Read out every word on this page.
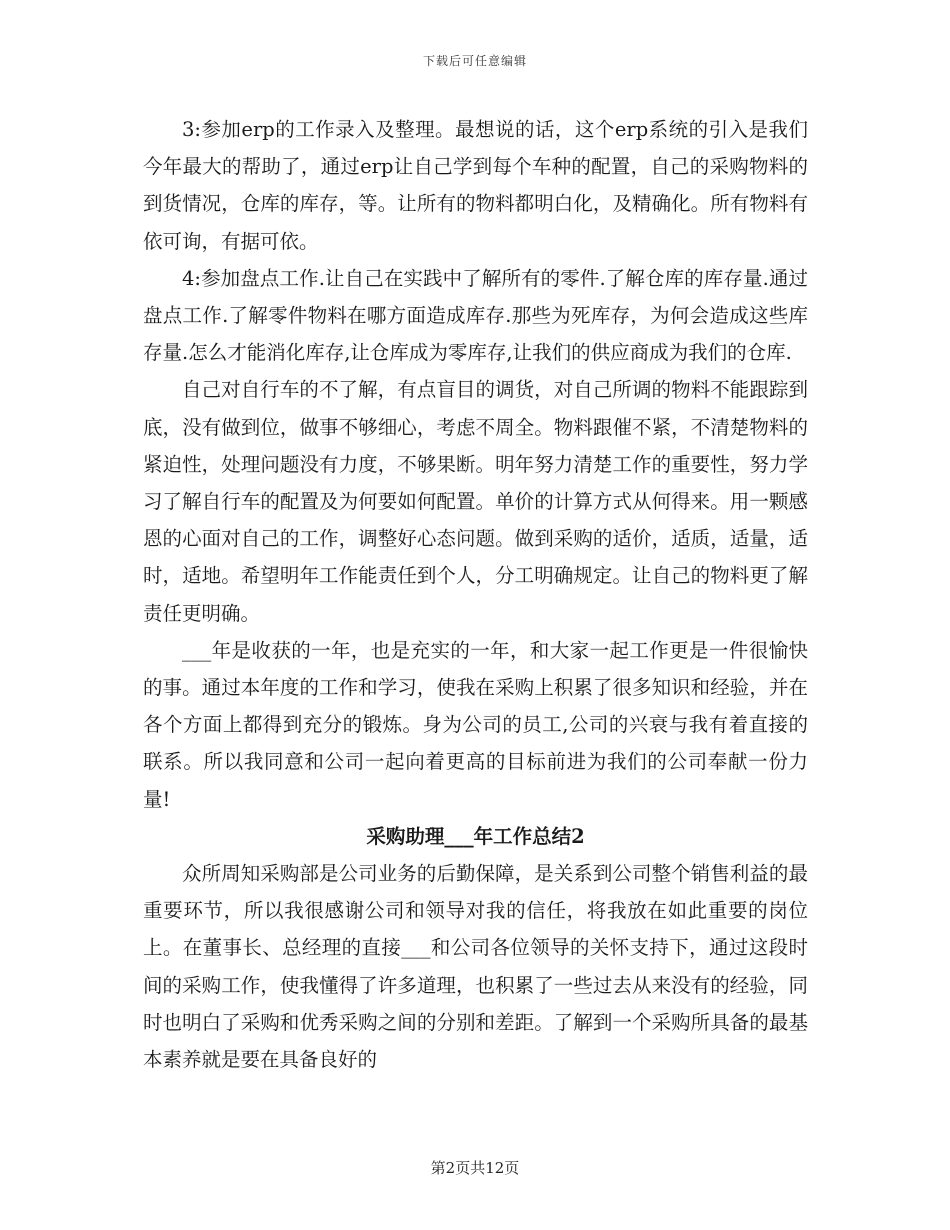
下载后可任意编辑

3:参加erp的工作录入及整理。最想说的话，这个erp系统的引入是我们今年最大的帮助了，通过erp让自己学到每个车种的配置，自己的采购物料的到货情况，仓库的库存，等。让所有的物料都明白化，及精确化。所有物料有依可询，有据可依。

4:参加盘点工作.让自己在实践中了解所有的零件.了解仓库的库存量.通过盘点工作.了解零件物料在哪方面造成库存.那些为死库存，为何会造成这些库存量.怎么才能消化库存,让仓库成为零库存,让我们的供应商成为我们的仓库.

自己对自行车的不了解，有点盲目的调货，对自己所调的物料不能跟踪到底，没有做到位，做事不够细心，考虑不周全。物料跟催不紧，不清楚物料的紧迫性，处理问题没有力度，不够果断。明年努力清楚工作的重要性，努力学习了解自行车的配置及为何要如何配置。单价的计算方式从何得来。用一颗感恩的心面对自己的工作，调整好心态问题。做到采购的适价，适质，适量，适时，适地。希望明年工作能责任到个人，分工明确规定。让自己的物料更了解责任更明确。

___年是收获的一年，也是充实的一年，和大家一起工作更是一件很愉快的事。通过本年度的工作和学习，使我在采购上积累了很多知识和经验，并在各个方面上都得到充分的锻炼。身为公司的员工,公司的兴衰与我有着直接的联系。所以我同意和公司一起向着更高的目标前进为我们的公司奉献一份力量!

采购助理___年工作总结2

众所周知采购部是公司业务的后勤保障，是关系到公司整个销售利益的最重要环节，所以我很感谢公司和领导对我的信任，将我放在如此重要的岗位上。在董事长、总经理的直接___和公司各位领导的关怀支持下，通过这段时间的采购工作，使我懂得了许多道理，也积累了一些过去从来没有的经验，同时也明白了采购和优秀采购之间的分别和差距。了解到一个采购所具备的最基本素养就是要在具备良好的

第2页共12页
